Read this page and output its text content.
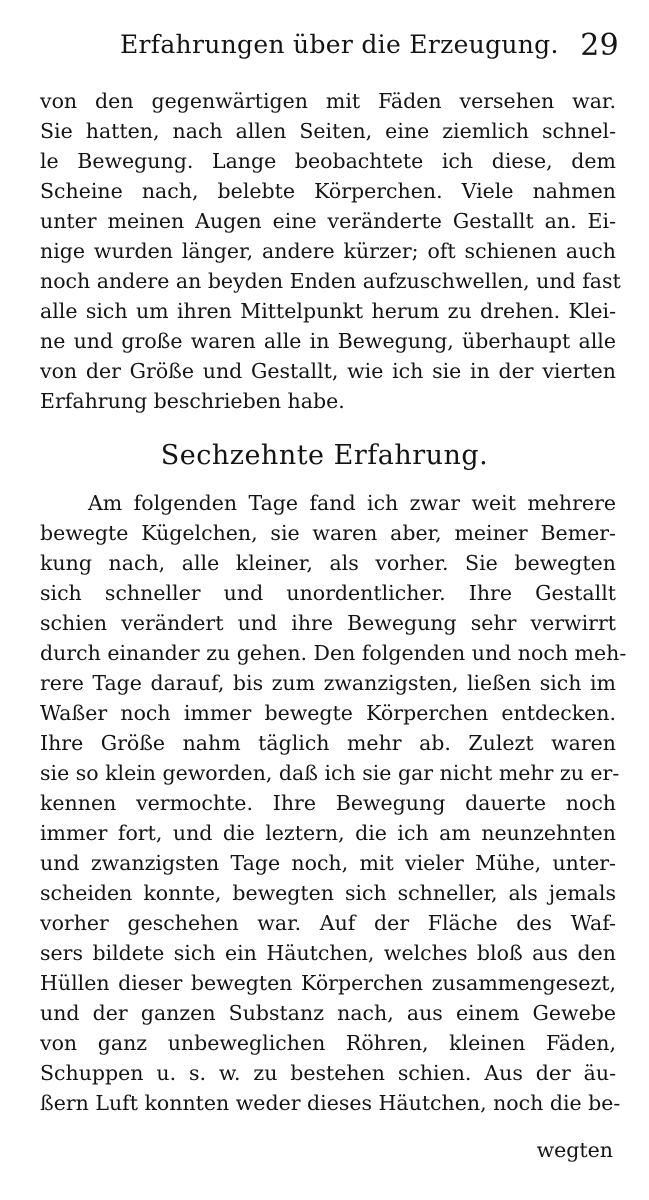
Erfahrungen über die Erzeugung. 29
von den gegenwärtigen mit Fäden versehen war.
Sie hatten, nach allen Seiten, eine ziemlich schnel-
le Bewegung. Lange beobachtete ich diese, dem
Scheine nach, belebte Körperchen. Viele nahmen
unter meinen Augen eine veränderte Gestallt an. Ei-
nige wurden länger, andere kürzer; oft schienen auch
noch andere an beyden Enden aufzuschwellen, und fast
alle sich um ihren Mittelpunkt herum zu drehen. Klei-
ne und große waren alle in Bewegung, überhaupt alle
von der Größe und Gestallt, wie ich sie in der vierten
Erfahrung beschrieben habe.
Sechzehnte Erfahrung.
Am folgenden Tage fand ich zwar weit mehrere
bewegte Kügelchen, sie waren aber, meiner Bemer-
kung nach, alle kleiner, als vorher. Sie bewegten
sich schneller und unordentlicher. Ihre Gestallt
schien verändert und ihre Bewegung sehr verwirrt
durch einander zu gehen. Den folgenden und noch meh-
rere Tage darauf, bis zum zwanzigsten, ließen sich im
Waßer noch immer bewegte Körperchen entdecken.
Ihre Größe nahm täglich mehr ab. Zulezt waren
sie so klein geworden, daß ich sie gar nicht mehr zu er-
kennen vermochte. Ihre Bewegung dauerte noch
immer fort, und die leztern, die ich am neunzehnten
und zwanzigsten Tage noch, mit vieler Mühe, unter-
scheiden konnte, bewegten sich schneller, als jemals
vorher geschehen war. Auf der Fläche des Waf-
sers bildete sich ein Häutchen, welches bloß aus den
Hüllen dieser bewegten Körperchen zusammengesezt,
und der ganzen Substanz nach, aus einem Gewebe
von ganz unbeweglichen Röhren, kleinen Fäden,
Schuppen u. s. w. zu bestehen schien. Aus der äu-
ßern Luft konnten weder dieses Häutchen, noch die be-
wegten
